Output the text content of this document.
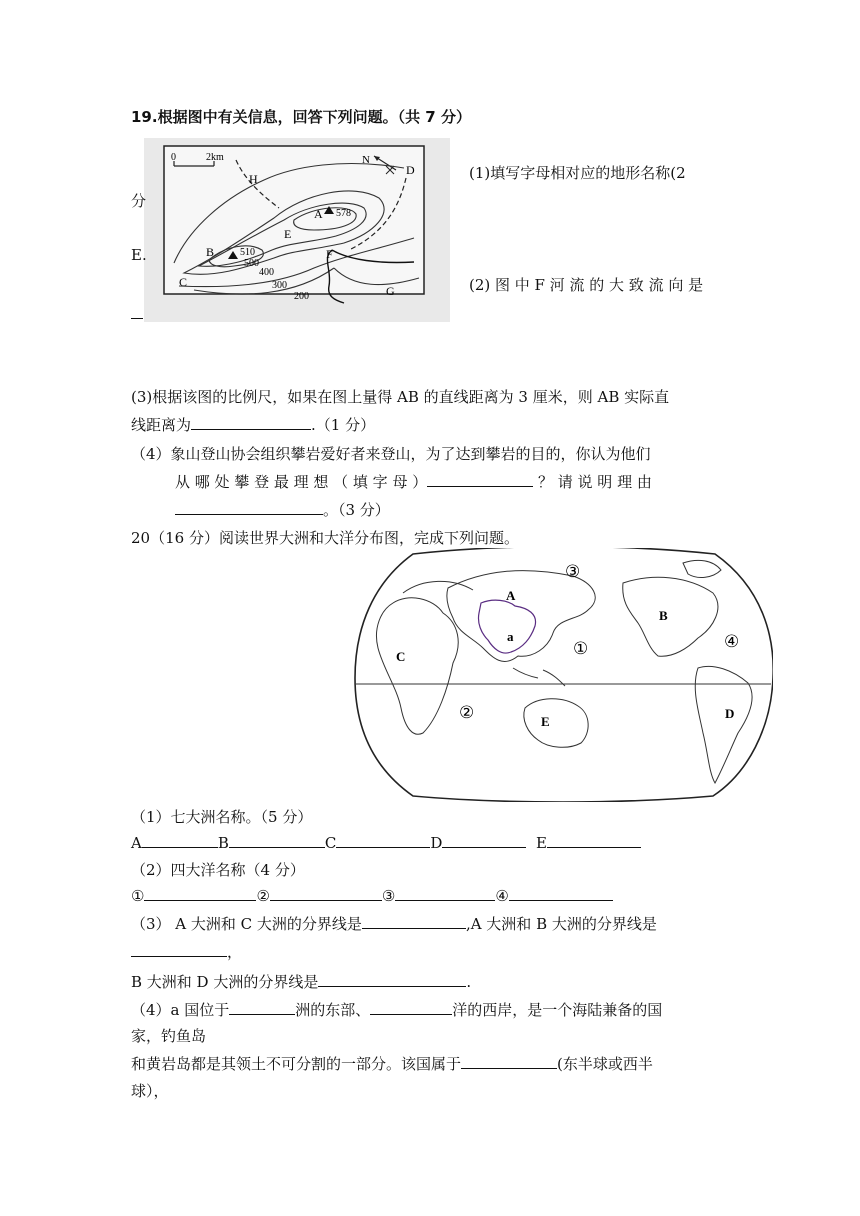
19.根据图中有关信息，回答下列问题。（共 7 分）
0	2km	N
A 578
B	510
C
D
E
F
G
H
500
400
300
200
(1)填写字母相对应的地形名称(2
分
E.
(2) 图 中 F 河 流 的 大 致 流 向 是
(3)根据该图的比例尺，如果在图上量得 AB 的直线距离为 3 厘米，则 AB 实际直
线距离为	.（1 分）
（4）象山登山协会组织攀岩爱好者来登山，为了达到攀岩的目的，你认为他们
从 哪 处 攀 登 最 理 想 （ 填 字 母 ）	？ 请 说 明 理 由
。（3 分）
20（16 分）阅读世界大洲和大洋分布图，完成下列问题。
A
B
C
D
E
a
①
②
③
④
（1）七大洲名称。（5 分）
A	B	C	D	E
（2）四大洋名称（4 分）
①	②	③	④
（3） A 大洲和 C 大洲的分界线是	,A 大洲和 B 大洲的分界线是
，
B 大洲和 D 大洲的分界线是	.
（4）a 国位于	洲的东部、	洋的西岸，是一个海陆兼备的国
家，钓鱼岛
和黄岩岛都是其领土不可分割的一部分。该国属于	(东半球或西半
球），
